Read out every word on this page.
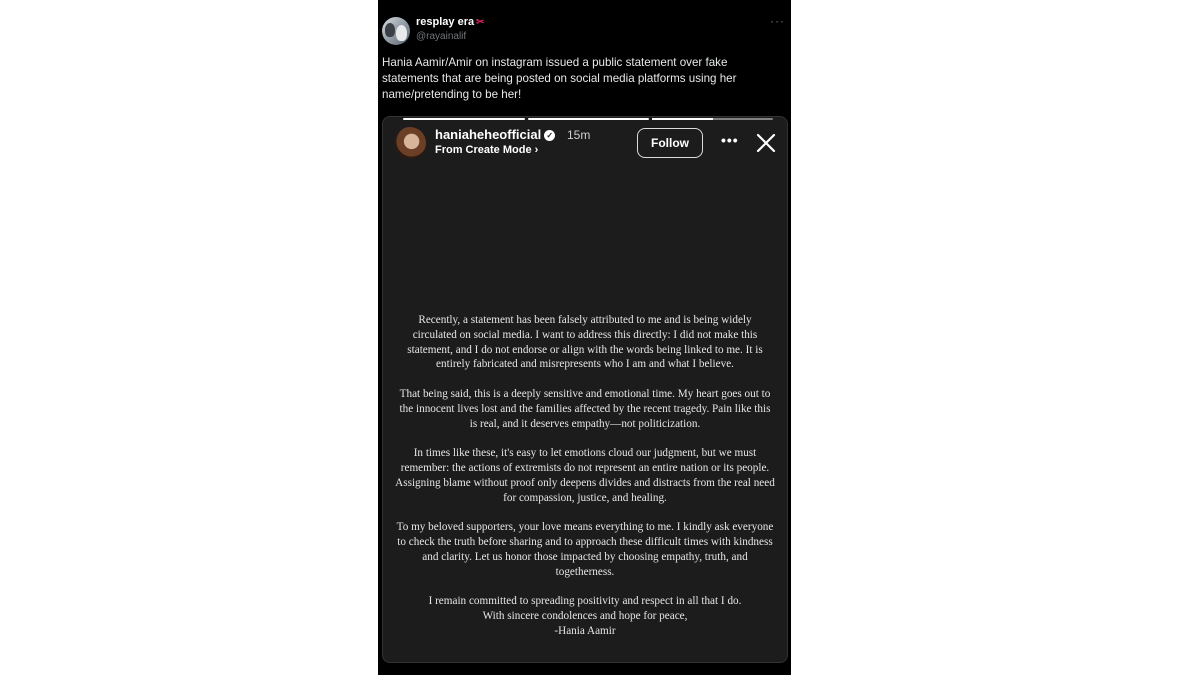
resplay era ✂
@rayainalif
···
Hania Aamir/Amir on instagram issued a public statement over fake statements that are being posted on social media platforms using her name/pretending to be her!
haniaheheofficial ✓ 15m
From Create Mode ›	Follow	•••

Recently, a statement has been falsely attributed to me and is being widely circulated on social media. I want to address this directly: I did not make this statement, and I do not endorse or align with the words being linked to me. It is entirely fabricated and misrepresents who I am and what I believe.

That being said, this is a deeply sensitive and emotional time. My heart goes out to the innocent lives lost and the families affected by the recent tragedy. Pain like this is real, and it deserves empathy—not politicization.

In times like these, it's easy to let emotions cloud our judgment, but we must remember: the actions of extremists do not represent an entire nation or its people. Assigning blame without proof only deepens divides and distracts from the real need for compassion, justice, and healing.

To my beloved supporters, your love means everything to me. I kindly ask everyone to check the truth before sharing and to approach these difficult times with kindness and clarity. Let us honor those impacted by choosing empathy, truth, and togetherness.

I remain committed to spreading positivity and respect in all that I do.
With sincere condolences and hope for peace,
-Hania Aamir
